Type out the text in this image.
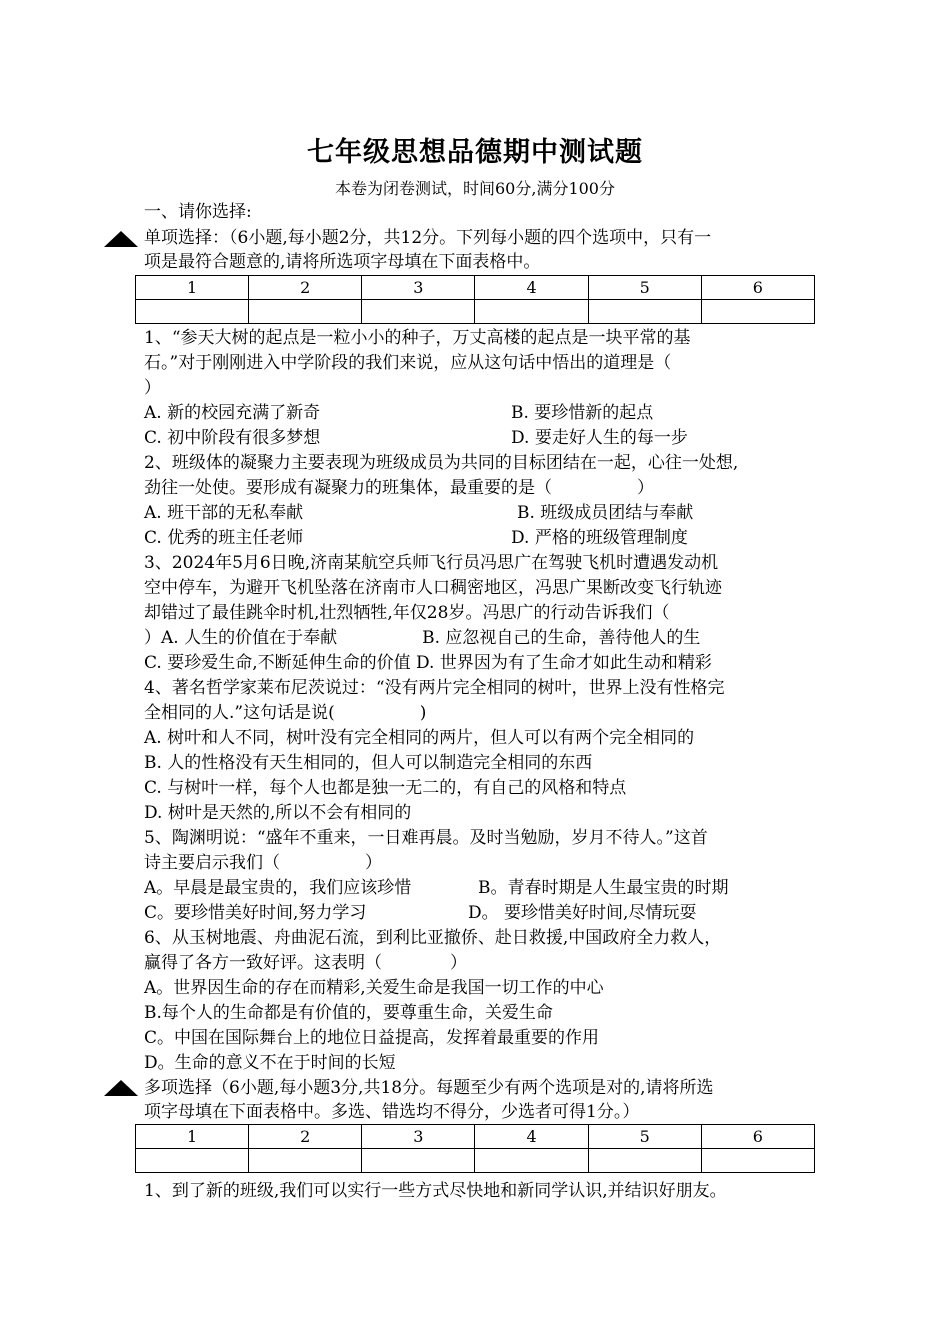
七年级思想品德期中测试题
本卷为闭卷测试，时间60分,满分100分
一、请你选择:
单项选择：（6小题,每小题2分，共12分。下列每小题的四个选项中，只有一
项是最符合题意的,请将所选项字母填在下面表格中。
1	2	3	4	5	6

1、“参天大树的起点是一粒小小的种子，万丈高楼的起点是一块平常的基
石。”对于刚刚进入中学阶段的我们来说，应从这句话中悟出的道理是（
）
A. 新的校园充满了新奇	B. 要珍惜新的起点
C. 初中阶段有很多梦想	D. 要走好人生的每一步
2、班级体的凝聚力主要表现为班级成员为共同的目标团结在一起，心往一处想,
劲往一处使。要形成有凝聚力的班集体，最重要的是（　　　　　）
A. 班干部的无私奉献	B. 班级成员团结与奉献
C. 优秀的班主任老师	D. 严格的班级管理制度
3、2024年5月6日晚,济南某航空兵师飞行员冯思广在驾驶飞机时遭遇发动机
空中停车，为避开飞机坠落在济南市人口稠密地区，冯思广果断改变飞行轨迹
却错过了最佳跳伞时机,壮烈牺牲,年仅28岁。冯思广的行动告诉我们（
）A. 人生的价值在于奉献　　　　　B. 应忽视自己的生命，善待他人的生
C. 要珍爱生命,不断延伸生命的价值 D. 世界因为有了生命才如此生动和精彩
4、著名哲学家莱布尼茨说过：“没有两片完全相同的树叶，世界上没有性格完
全相同的人.”这句话是说(　　　　　)
A. 树叶和人不同，树叶没有完全相同的两片，但人可以有两个完全相同的
B. 人的性格没有天生相同的，但人可以制造完全相同的东西
C. 与树叶一样，每个人也都是独一无二的，有自己的风格和特点
D. 树叶是天然的,所以不会有相同的
5、陶渊明说：“盛年不重来，一日难再晨。及时当勉励，岁月不待人。”这首
诗主要启示我们（　　　　　）
A。早晨是最宝贵的，我们应该珍惜	B。青春时期是人生最宝贵的时期
C。要珍惜美好时间,努力学习	D。 要珍惜美好时间,尽情玩耍
6、从玉树地震、舟曲泥石流，到利比亚撤侨、赴日救援,中国政府全力救人，
赢得了各方一致好评。这表明（　　　　）
A。世界因生命的存在而精彩,关爱生命是我国一切工作的中心
B.每个人的生命都是有价值的，要尊重生命，关爱生命
C。中国在国际舞台上的地位日益提高，发挥着最重要的作用
D。生命的意义不在于时间的长短
多项选择（6小题,每小题3分,共18分。每题至少有两个选项是对的,请将所选
项字母填在下面表格中。多选、错选均不得分，少选者可得1分。）
1	2	3	4	5	6

1、到了新的班级,我们可以实行一些方式尽快地和新同学认识,并结识好朋友。
